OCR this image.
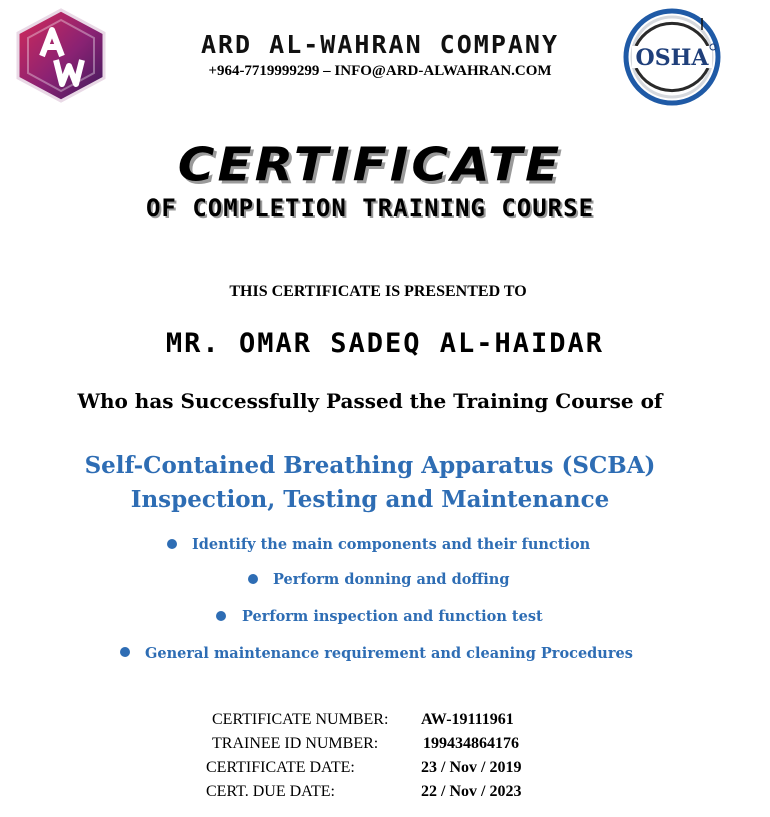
OSHA
ARD AL-WAHRAN COMPANY
+964-7719999299 – INFO@ARD-ALWAHRAN.COM
CERTIFICATE
OF COMPLETION TRAINING COURSE
THIS CERTIFICATE IS PRESENTED TO
MR. OMAR SADEQ AL-HAIDAR
Who has Successfully Passed the Training Course of
Self-Contained Breathing Apparatus (SCBA)
Inspection, Testing and Maintenance
Identify the main components and their function
Perform donning and doffing
Perform inspection and function test
General maintenance requirement and cleaning Procedures
CERTIFICATE NUMBER: AW-19111961
TRAINEE ID NUMBER:	199434864176
CERTIFICATE DATE:	23 / Nov / 2019
CERT. DUE DATE:	22 / Nov / 2023
